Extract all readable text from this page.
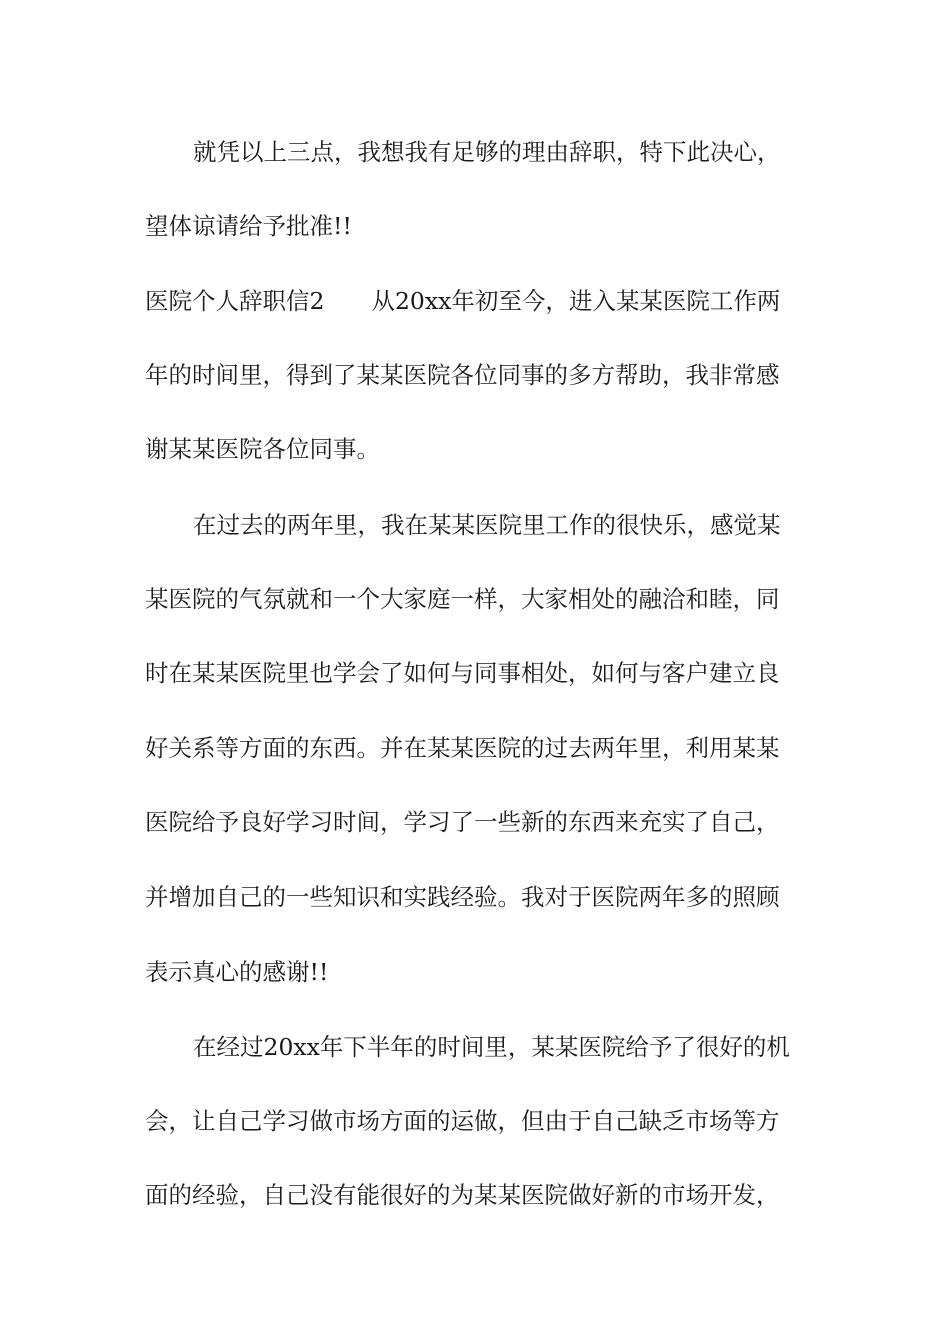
就凭以上三点，我想我有足够的理由辞职，特下此决心，
望体谅请给予批准!!
医院个人辞职信2　　从20xx年初至今，进入某某医院工作两
年的时间里，得到了某某医院各位同事的多方帮助，我非常感
谢某某医院各位同事。
在过去的两年里，我在某某医院里工作的很快乐，感觉某
某医院的气氛就和一个大家庭一样，大家相处的融洽和睦，同
时在某某医院里也学会了如何与同事相处，如何与客户建立良
好关系等方面的东西。并在某某医院的过去两年里，利用某某
医院给予良好学习时间，学习了一些新的东西来充实了自己，
并增加自己的一些知识和实践经验。我对于医院两年多的照顾
表示真心的感谢!!
在经过20xx年下半年的时间里，某某医院给予了很好的机
会，让自己学习做市场方面的运做，但由于自己缺乏市场等方
面的经验，自己没有能很好的为某某医院做好新的市场开发，
